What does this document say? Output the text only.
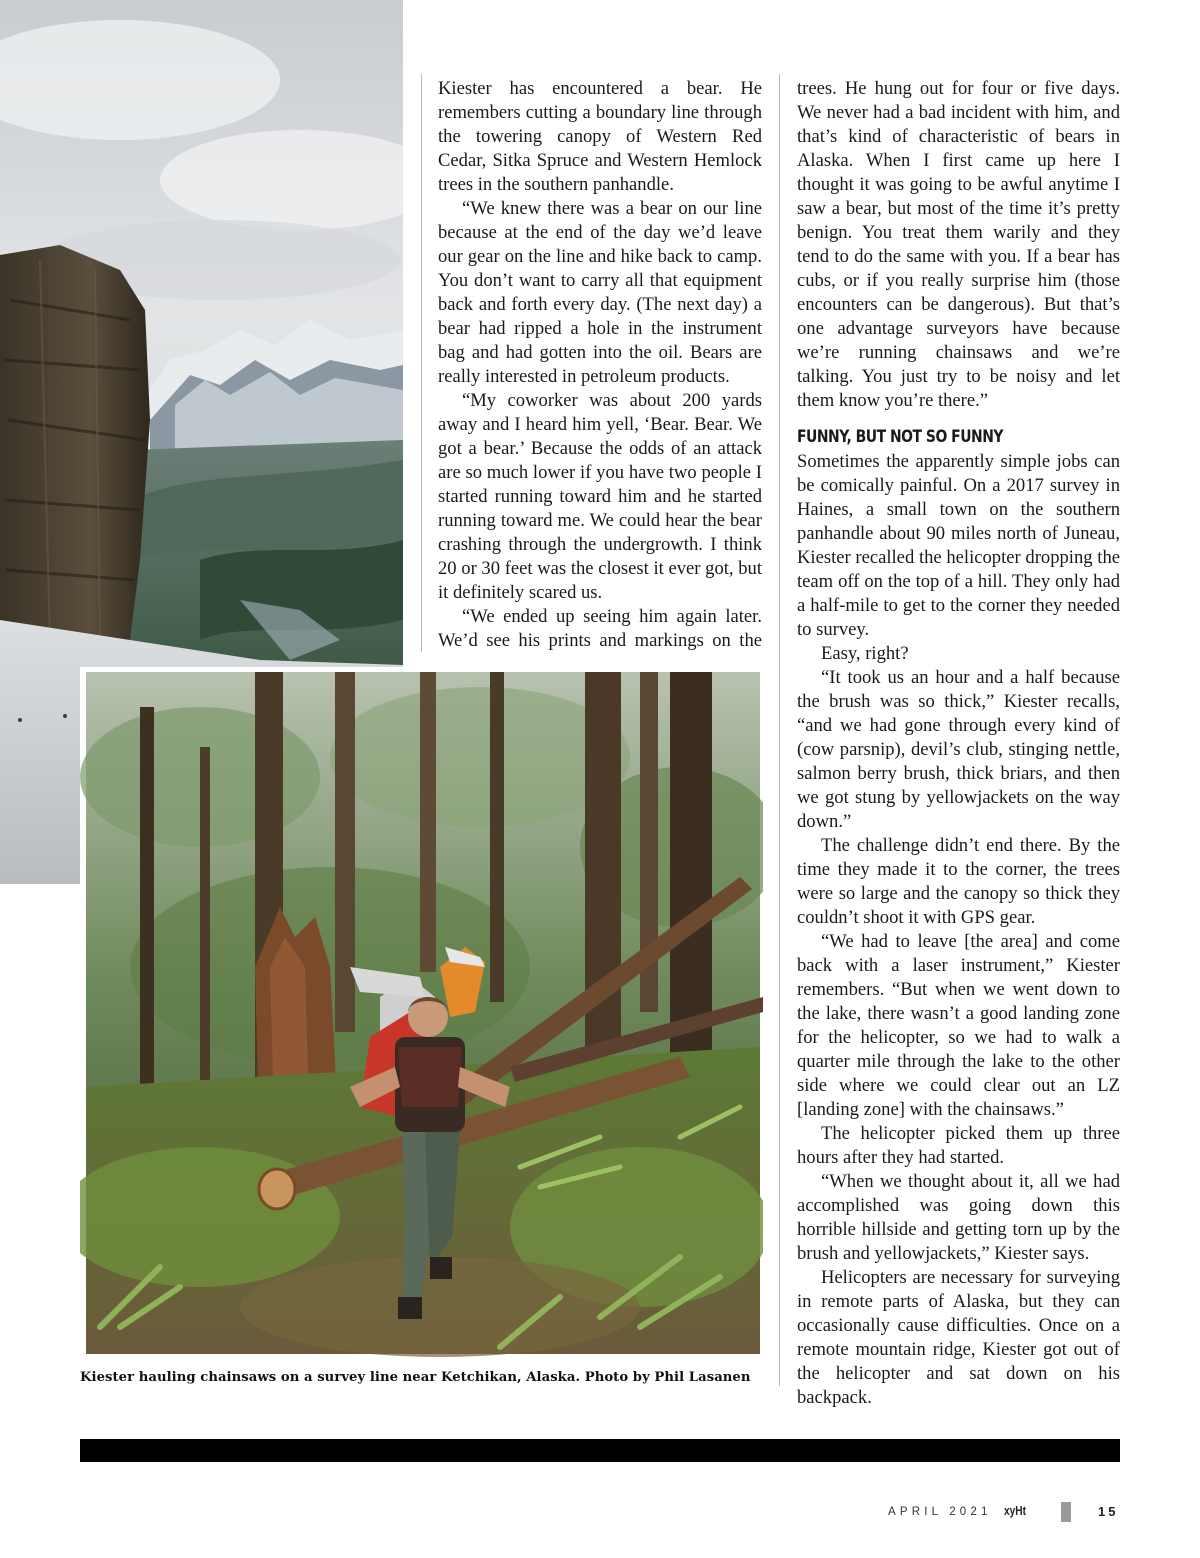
Kiester has encountered a bear. He remembers cutting a boundary line through the towering canopy of Western Red Cedar, Sitka Spruce and Western Hemlock trees in the southern panhandle.

“We knew there was a bear on our line because at the end of the day we’d leave our gear on the line and hike back to camp. You don’t want to carry all that equipment back and forth every day. (The next day) a bear had ripped a hole in the instrument bag and had gotten into the oil. Bears are really interested in petroleum products.

“My coworker was about 200 yards away and I heard him yell, ‘Bear. Bear. We got a bear.’ Because the odds of an attack are so much lower if you have two people I started running toward him and he started running toward me. We could hear the bear crashing through the undergrowth. I think 20 or 30 feet was the closest it ever got, but it definitely scared us.

“We ended up seeing him again later. We’d see his prints and markings on the

trees. He hung out for four or five days. We never had a bad incident with him, and that’s kind of characteristic of bears in Alaska. When I first came up here I thought it was going to be awful anytime I saw a bear, but most of the time it’s pretty benign. You treat them warily and they tend to do the same with you. If a bear has cubs, or if you really surprise him (those encounters can be dangerous). But that’s one advantage surveyors have because we’re running chainsaws and we’re talking. You just try to be noisy and let them know you’re there.”

FUNNY, BUT NOT SO FUNNY

Sometimes the apparently simple jobs can be comically painful. On a 2017 survey in Haines, a small town on the southern panhandle about 90 miles north of Juneau, Kiester recalled the helicopter dropping the team off on the top of a hill. They only had a half-mile to get to the corner they needed to survey.

Easy, right?

“It took us an hour and a half because the brush was so thick,” Kiester recalls, “and we had gone through every kind of (cow parsnip), devil’s club, stinging nettle, salmon berry brush, thick briars, and then we got stung by yellowjackets on the way down.”

The challenge didn’t end there. By the time they made it to the corner, the trees were so large and the canopy so thick they couldn’t shoot it with GPS gear.

“We had to leave [the area] and come back with a laser instrument,” Kiester remembers. “But when we went down to the lake, there wasn’t a good landing zone for the helicopter, so we had to walk a quarter mile through the lake to the other side where we could clear out an LZ [landing zone] with the chainsaws.”

The helicopter picked them up three hours after they had started.

“When we thought about it, all we had accomplished was going down this horrible hillside and getting torn up by the brush and yellowjackets,” Kiester says.

Helicopters are necessary for surveying in remote parts of Alaska, but they can occasionally cause difficulties. Once on a remote mountain ridge, Kiester got out of the helicopter and sat down on his backpack.

Kiester hauling chainsaws on a survey line near Ketchikan, Alaska. Photo by Phil Lasanen
APRIL 2021 xyHt	15
